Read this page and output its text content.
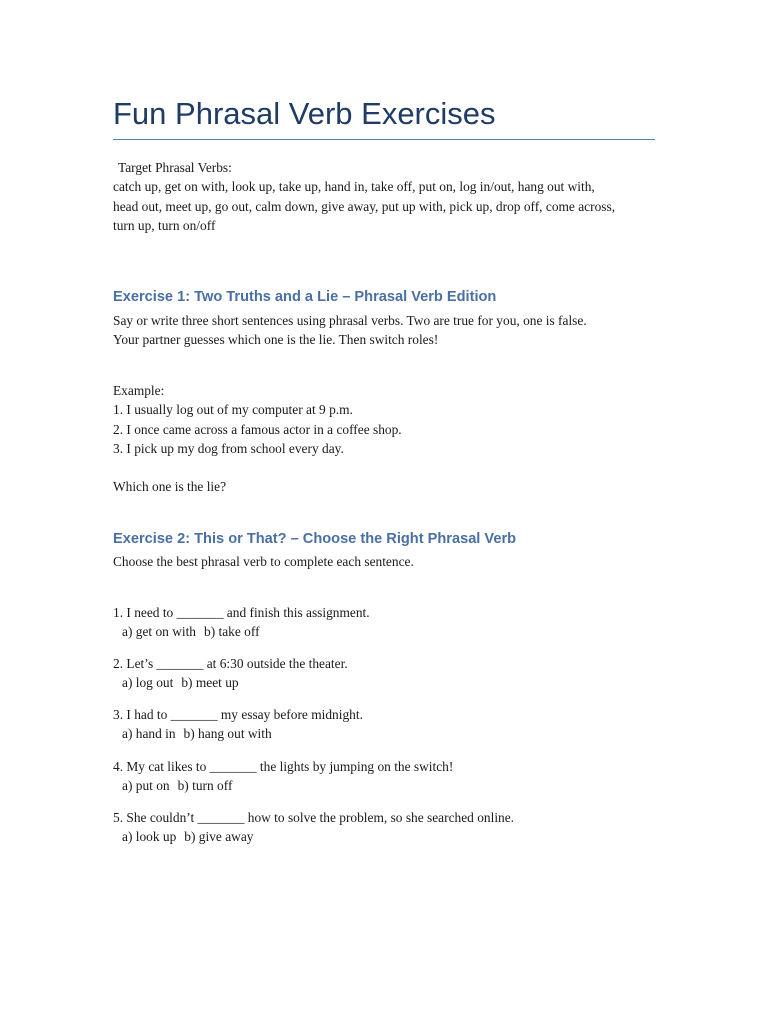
Fun Phrasal Verb Exercises
Target Phrasal Verbs:
catch up, get on with, look up, take up, hand in, take off, put on, log in/out, hang out with,
head out, meet up, go out, calm down, give away, put up with, pick up, drop off, come across,
turn up, turn on/off
Exercise 1: Two Truths and a Lie – Phrasal Verb Edition
Say or write three short sentences using phrasal verbs. Two are true for you, one is false.
Your partner guesses which one is the lie. Then switch roles!
Example:
1. I usually log out of my computer at 9 p.m.
2. I once came across a famous actor in a coffee shop.
3. I pick up my dog from school every day.
Which one is the lie?
Exercise 2: This or That? – Choose the Right Phrasal Verb
Choose the best phrasal verb to complete each sentence.
1. I need to _______ and finish this assignment.
a) get on with b) take off
2. Let’s _______ at 6:30 outside the theater.
a) log out b) meet up
3. I had to _______ my essay before midnight.
a) hand in b) hang out with
4. My cat likes to _______ the lights by jumping on the switch!
a) put on b) turn off
5. She couldn’t _______ how to solve the problem, so she searched online.
a) look up b) give away
